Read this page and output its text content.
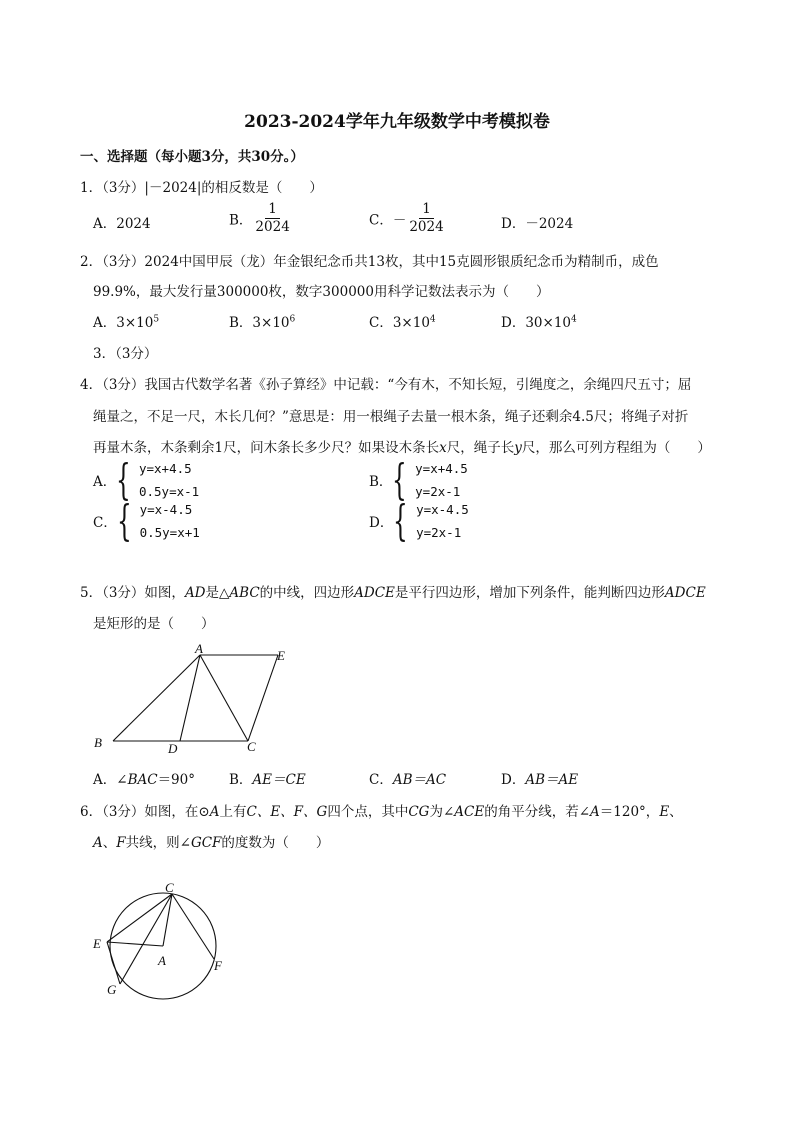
2023-2024学年九年级数学中考模拟卷
一、选择题（每小题3分，共30分。）
1．（3分）|－2024|的相反数是（　　）
A．2024	B． $\frac{1}{2024}$	C．－ $\frac{1}{2024}$	D．－2024
2．（3分）2024中国甲辰（龙）年金银纪念币共13枚，其中15克圆形银质纪念币为精制币，成色
99.9%，最大发行量300000枚，数字300000用科学记数法表示为（　　）
A．$3\times 10^5$	B．$3\times 10^6$	C．$3\times 10^4$	D．$30\times 10^4$
3．（3分）
4．（3分）我国古代数学名著《孙子算经》中记载：“今有木，不知长短，引绳度之，余绳四尺五寸；屈
绳量之，不足一尺，木长几何？”意思是：用一根绳子去量一根木条，绳子还剩余4.5尺；将绳子对折
再量木条，木条剩余1尺，问木条长多少尺？如果设木条长x尺，绳子长y尺，那么可列方程组为（　　）
A． { y=x+4.5
0.5y=x-1
B． { y=x+4.5
y=2x-1
C． { y=x-4.5
0.5y=x+1
D． { y=x-4.5
y=2x-1
5．（3分）如图，AD是△ABC的中线，四边形ADCE是平行四边形，增加下列条件，能判断四边形ADCE
是矩形的是（　　）
A	E
B	D	C
A．∠BAC＝90°	B．AE＝CE	C．AB＝AC	D．AB＝AE
6．（3分）如图，在⊙A上有C、E、F、G四个点，其中CG为∠ACE的角平分线，若∠A＝120°，E、
A、F共线，则∠GCF的度数为（　　）
C
E
A	F
G
